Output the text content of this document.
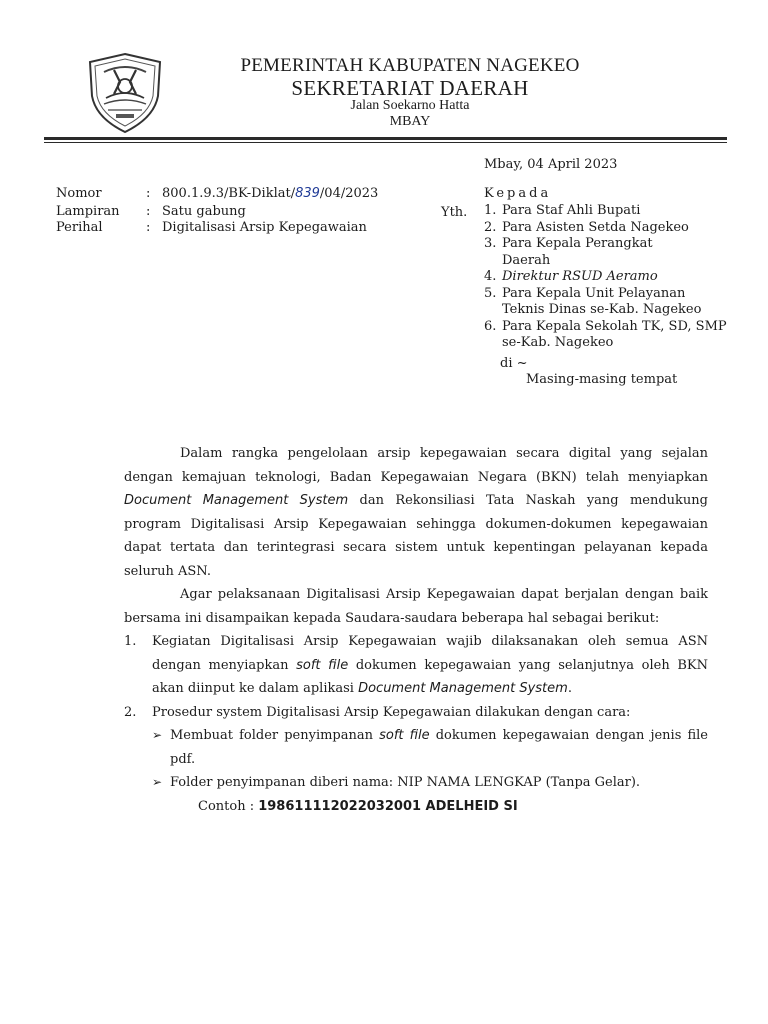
PEMERINTAH KABUPATEN NAGEKEO
SEKRETARIAT DAERAH
Jalan Soekarno Hatta
MBAY
Mbay, 04 April 2023
Nomor	: 800.1.9.3/BK-Diklat/839/04/2023
Lampiran : Satu gabung
Perihal	: Digitalisasi Arsip Kepegawaian
Kepada
Yth. 1. Para Staf Ahli Bupati
2. Para Asisten Setda Nagekeo
3. Para Kepala Perangkat Daerah
4. Direktur RSUD Aeramo
5. Para Kepala Unit Pelayanan Teknis Dinas se-Kab. Nagekeo
6. Para Kepala Sekolah TK, SD, SMP se-Kab. Nagekeo
di ~
Masing-masing tempat

Dalam rangka pengelolaan arsip kepegawaian secara digital yang sejalan dengan kemajuan teknologi, Badan Kepegawaian Negara (BKN) telah menyiapkan Document Management System dan Rekonsiliasi Tata Naskah yang mendukung program Digitalisasi Arsip Kepegawaian sehingga dokumen-dokumen kepegawaian dapat tertata dan terintegrasi secara sistem untuk kepentingan pelayanan kepada seluruh ASN.

Agar pelaksanaan Digitalisasi Arsip Kepegawaian dapat berjalan dengan baik bersama ini disampaikan kepada Saudara-saudara beberapa hal sebagai berikut:

1.	Kegiatan Digitalisasi Arsip Kepegawaian wajib dilaksanakan oleh semua ASN dengan menyiapkan soft file dokumen kepegawaian yang selanjutnya oleh BKN akan diinput ke dalam aplikasi Document Management System.
2.	Prosedur system Digitalisasi Arsip Kepegawaian dilakukan dengan cara:
➢ Membuat folder penyimpanan soft file dokumen kepegawaian dengan jenis file pdf.
➢ Folder penyimpanan diberi nama: NIP NAMA LENGKAP (Tanpa Gelar).
Contoh : 198611112022032001 ADELHEID SI
